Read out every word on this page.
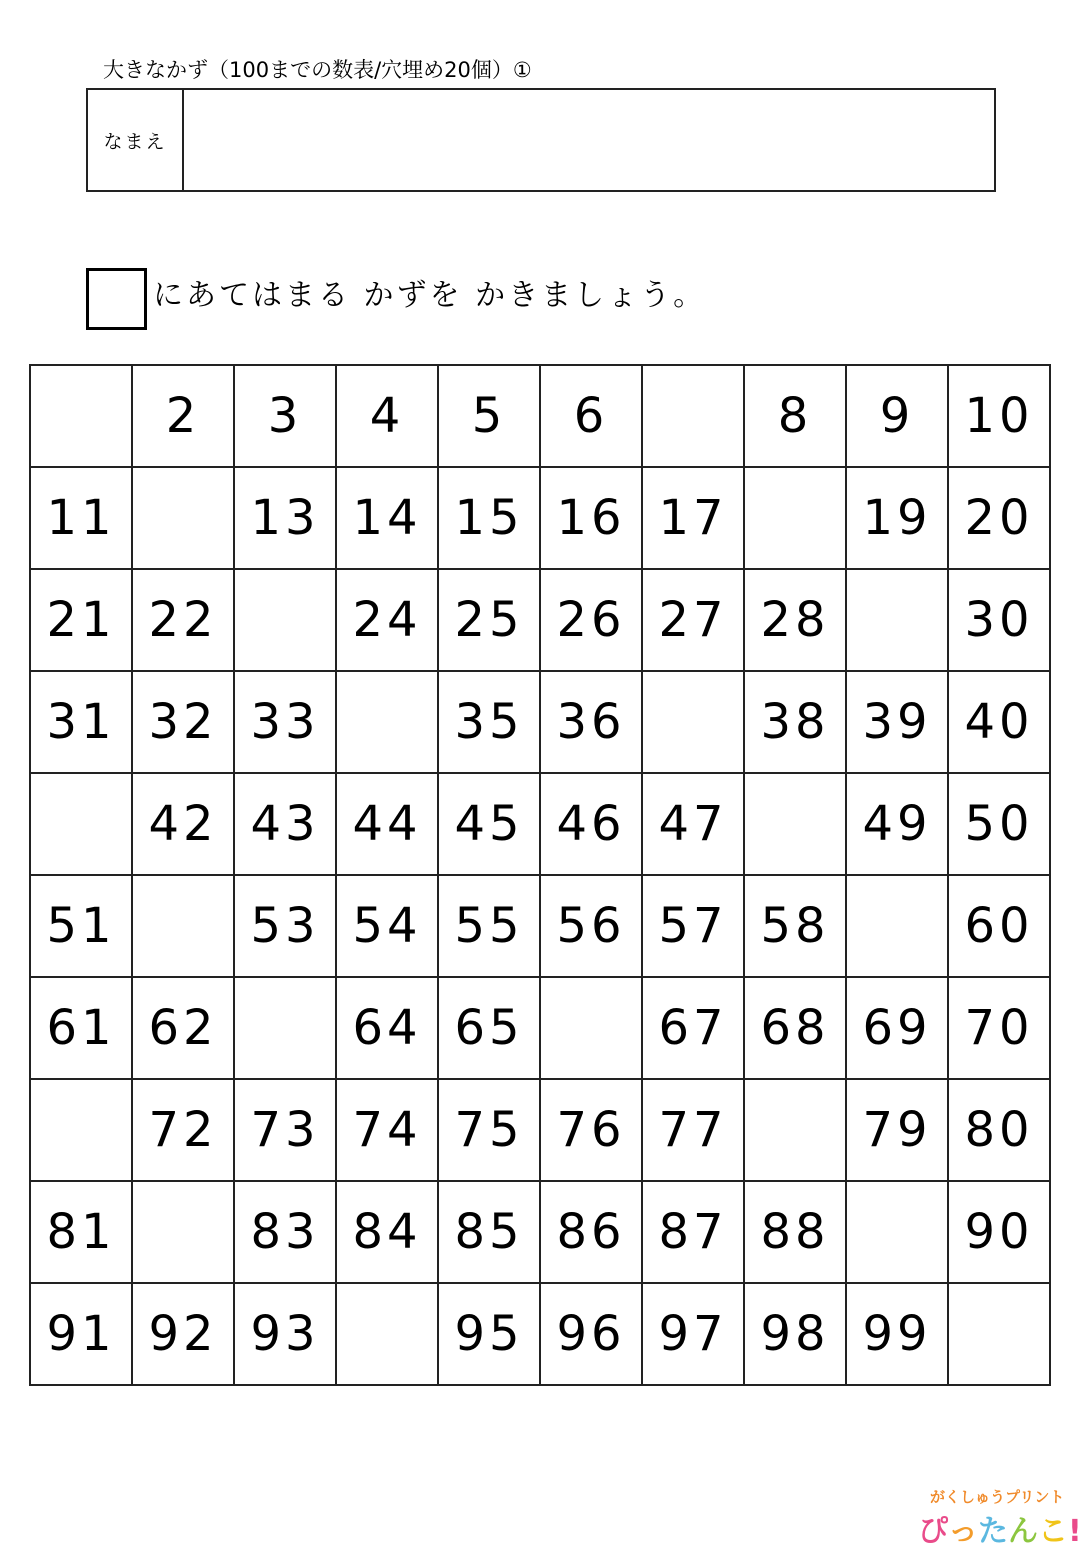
大きなかず（100までの数表/穴埋め20個）①
なまえ
にあてはまる かずを かきましょう。
	2	3	4	5	6		8	9	10
11		13	14	15	16	17		19	20
21	22		24	25	26	27	28		30
31	32	33		35	36		38	39	40
	42	43	44	45	46	47		49	50
51		53	54	55	56	57	58		60
61	62		64	65		67	68	69	70
	72	73	74	75	76	77		79	80
81		83	84	85	86	87	88		90
91	92	93		95	96	97	98	99	
がくしゅうプリント
ぴったんこ!
